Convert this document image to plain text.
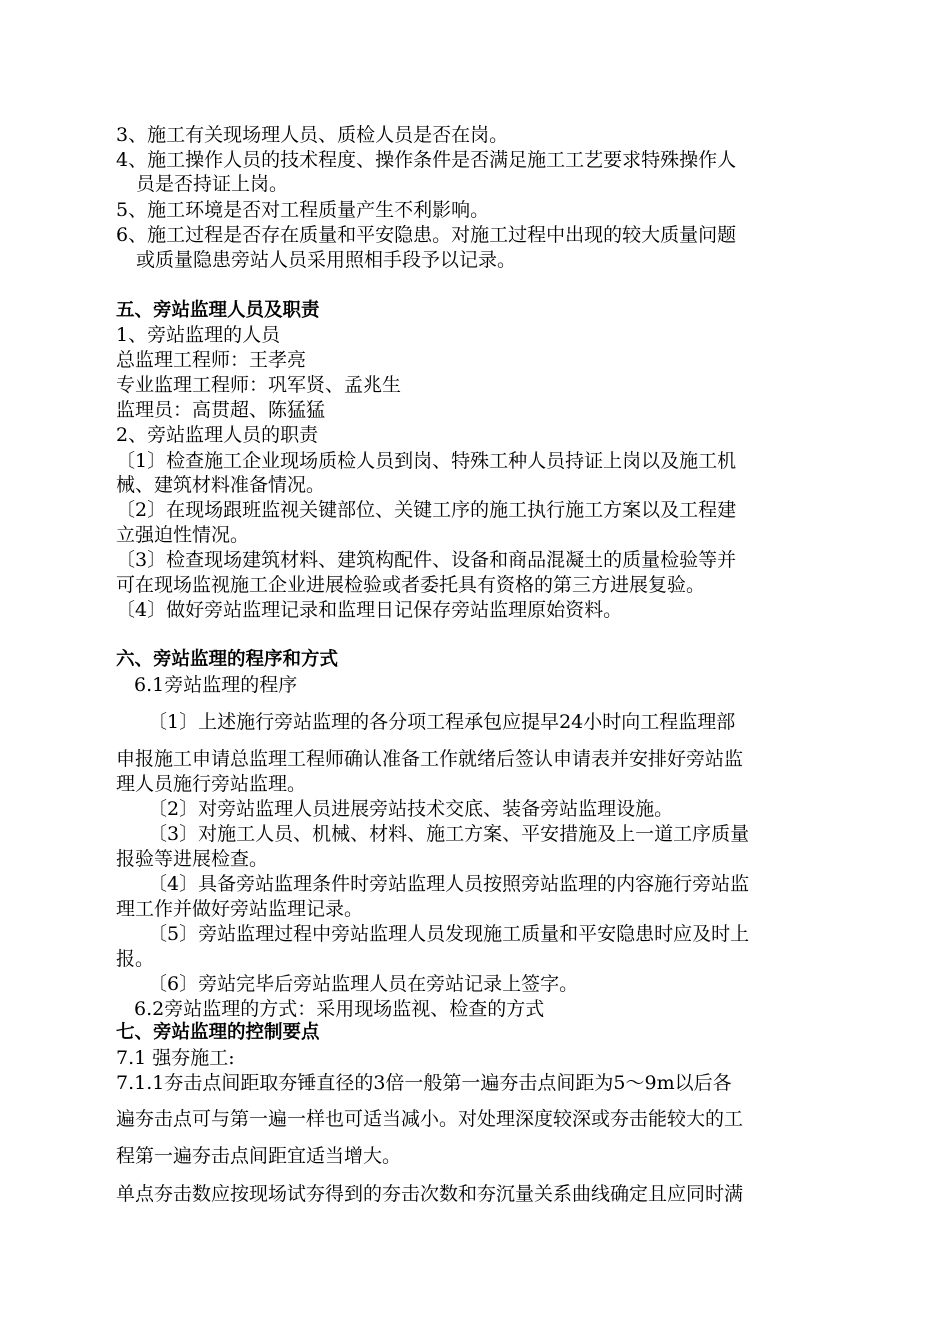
3、施工有关现场理人员、质检人员是否在岗。
4、施工操作人员的技术程度、操作条件是否满足施工工艺要求特殊操作人
员是否持证上岗。
5、施工环境是否对工程质量产生不利影响。
6、施工过程是否存在质量和平安隐患。对施工过程中出现的较大质量问题
或质量隐患旁站人员采用照相手段予以记录。
五、旁站监理人员及职责
1、旁站监理的人员
总监理工程师：王孝亮
专业监理工程师：巩军贤、孟兆生
监理员：高贯超、陈猛猛
2、旁站监理人员的职责
〔1〕检查施工企业现场质检人员到岗、特殊工种人员持证上岗以及施工机
械、建筑材料准备情况。
〔2〕在现场跟班监视关键部位、关键工序的施工执行施工方案以及工程建
立强迫性情况。
〔3〕检查现场建筑材料、建筑构配件、设备和商品混凝土的质量检验等并
可在现场监视施工企业进展检验或者委托具有资格的第三方进展复验。
〔4〕做好旁站监理记录和监理日记保存旁站监理原始资料。
六、旁站监理的程序和方式
6.1旁站监理的程序
〔1〕上述施行旁站监理的各分项工程承包应提早24小时向工程监理部
申报施工申请总监理工程师确认准备工作就绪后签认申请表并安排好旁站监
理人员施行旁站监理。
〔2〕对旁站监理人员进展旁站技术交底、装备旁站监理设施。
〔3〕对施工人员、机械、材料、施工方案、平安措施及上一道工序质量
报验等进展检查。
〔4〕具备旁站监理条件时旁站监理人员按照旁站监理的内容施行旁站监
理工作并做好旁站监理记录。
〔5〕旁站监理过程中旁站监理人员发现施工质量和平安隐患时应及时上
报。
〔6〕旁站完毕后旁站监理人员在旁站记录上签字。
6.2旁站监理的方式：采用现场监视、检查的方式
七、旁站监理的控制要点
7.1 强夯施工:
7.1.1夯击点间距取夯锤直径的3倍一般第一遍夯击点间距为5～9m以后各
遍夯击点可与第一遍一样也可适当减小。对处理深度较深或夯击能较大的工
程第一遍夯击点间距宜适当增大。
单点夯击数应按现场试夯得到的夯击次数和夯沉量关系曲线确定且应同时满
